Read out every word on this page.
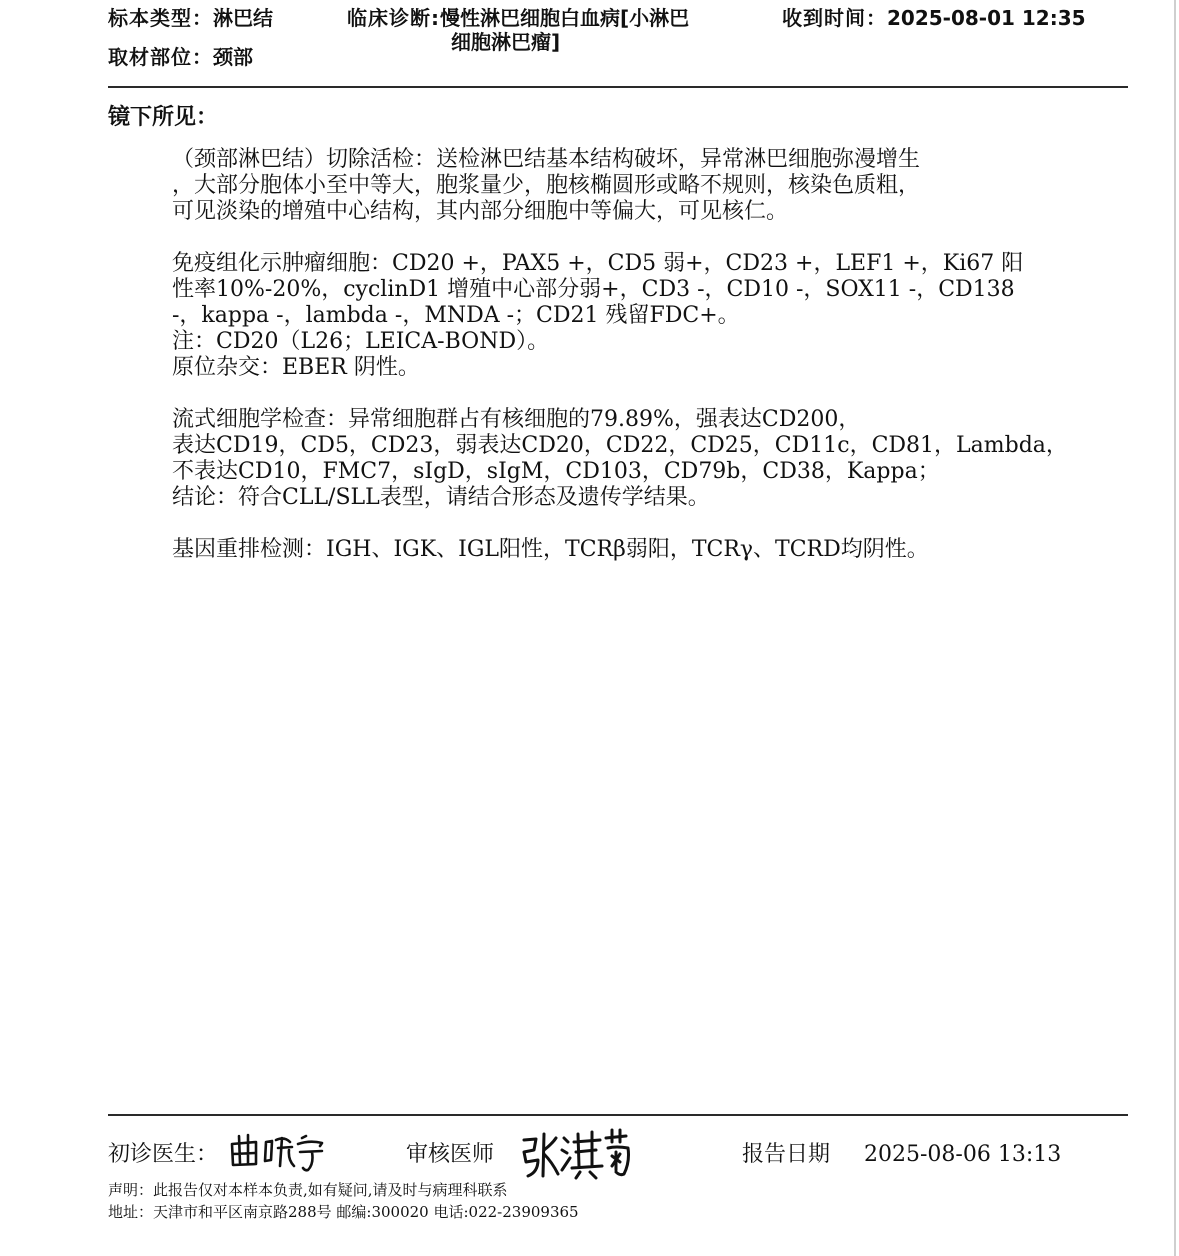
标本类型：淋巴结
取材部位：颈部
临床诊断:慢性淋巴细胞白血病[小淋巴
细胞淋巴瘤]
收到时间：2025-08-01 12:35
镜下所见：
（颈部淋巴结）切除活检：送检淋巴结基本结构破坏，异常淋巴细胞弥漫增生
，大部分胞体小至中等大，胞浆量少，胞核椭圆形或略不规则，核染色质粗，
可见淡染的增殖中心结构，其内部分细胞中等偏大，可见核仁。
免疫组化示肿瘤细胞：CD20 +，PAX5 +，CD5 弱+，CD23 +，LEF1 +，Ki67 阳
性率10%-20%，cyclinD1 增殖中心部分弱+，CD3 -，CD10 -，SOX11 -，CD138
-，kappa -，lambda -，MNDA -；CD21 残留FDC+。
注：CD20（L26；LEICA-BOND）。
原位杂交：EBER 阴性。
流式细胞学检查：异常细胞群占有核细胞的79.89%，强表达CD200，
表达CD19，CD5，CD23，弱表达CD20，CD22，CD25，CD11c，CD81，Lambda，
不表达CD10，FMC7，sIgD，sIgM，CD103，CD79b，CD38，Kappa；
结论：符合CLL/SLL表型，请结合形态及遗传学结果。
基因重排检测：IGH、IGK、IGL阳性，TCRβ弱阳，TCRγ、TCRD均阴性。
初诊医生：	审核医师	报告日期 2025-08-06 13:13
声明：此报告仅对本样本负责,如有疑问,请及时与病理科联系
地址：天津市和平区南京路288号 邮编:300020 电话:022-23909365
